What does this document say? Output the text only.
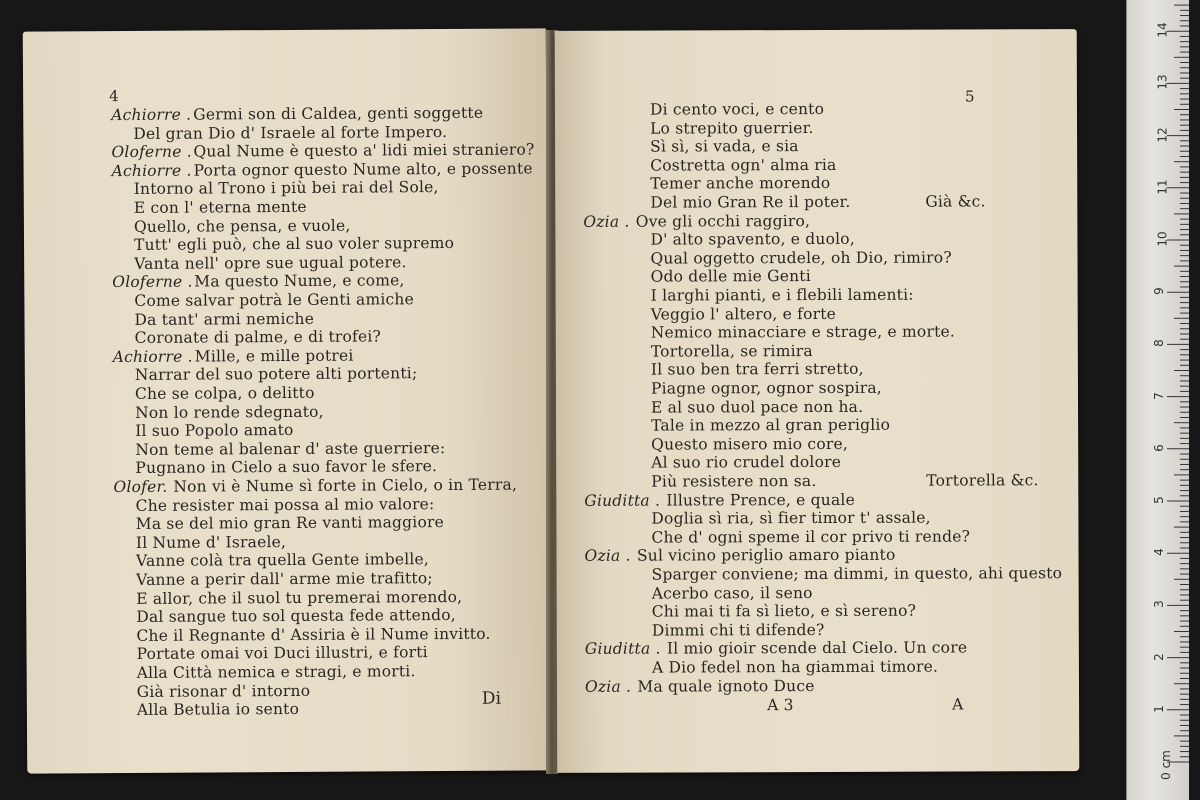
4
Achiorre . Germi son di Caldea, genti soggette
Del gran Dio d' Israele al forte Impero.
Oloferne . Qual Nume è questo a' lidi miei straniero?
Achiorre . Porta ognor questo Nume alto, e possente
Intorno al Trono i più bei rai del Sole,
E con l' eterna mente
Quello, che pensa, e vuole,
Tutt' egli può, che al suo voler supremo
Vanta nell' opre sue ugual potere.
Oloferne . Ma questo Nume, e come,
Come salvar potrà le Genti amiche
Da tant' armi nemiche
Coronate di palme, e di trofei?
Achiorre . Mille, e mille potrei
Narrar del suo potere alti portenti;
Che se colpa, o delitto
Non lo rende sdegnato,
Il suo Popolo amato
Non teme al balenar d' aste guerriere:
Pugnano in Cielo a suo favor le sfere.
Olofer. Non vi è Nume sì forte in Cielo, o in Terra,
Che resister mai possa al mio valore:
Ma se del mio gran Re vanti maggiore
Il Nume d' Israele,
Vanne colà tra quella Gente imbelle,
Vanne a perir dall' arme mie trafitto;
E allor, che il suol tu premerai morendo,
Dal sangue tuo sol questa fede attendo,
Che il Regnante d' Assiria è il Nume invitto.
Portate omai voi Duci illustri, e forti
Alla Città nemica e stragi, e morti.
Già risonar d' intorno
Alla Betulia io sento
Di
5
Di cento voci, e cento
Lo strepito guerrier.
Sì sì, si vada, e sia
Costretta ogn' alma ria
Temer anche morendo
Del mio Gran Re il poter.	Già &c.
Ozia . Ove gli occhi raggiro,
D' alto spavento, e duolo,
Qual oggetto crudele, oh Dio, rimiro?
Odo delle mie Genti
I larghi pianti, e i flebili lamenti:
Veggio l' altero, e forte
Nemico minacciare e strage, e morte.
Tortorella, se rimira
Il suo ben tra ferri stretto,
Piagne ognor, ognor sospira,
E al suo duol pace non ha.
Tale in mezzo al gran periglio
Questo misero mio core,
Al suo rio crudel dolore
Più resistere non sa.	Tortorella &c.
Giuditta . Illustre Prence, e quale
Doglia sì ria, sì fier timor t' assale,
Che d' ogni speme il cor privo ti rende?
Ozia . Sul vicino periglio amaro pianto
Sparger conviene; ma dimmi, in questo, ahi questo
Acerbo caso, il seno
Chi mai ti fa sì lieto, e sì sereno?
Dimmi chi ti difende?
Giuditta . Il mio gioir scende dal Cielo. Un core
A Dio fedel non ha giammai timore.
Ozia . Ma quale ignoto Duce
A 3	A	1
2
3
4
5
6
7
8
9
10
11
12
13
14
0 cm
